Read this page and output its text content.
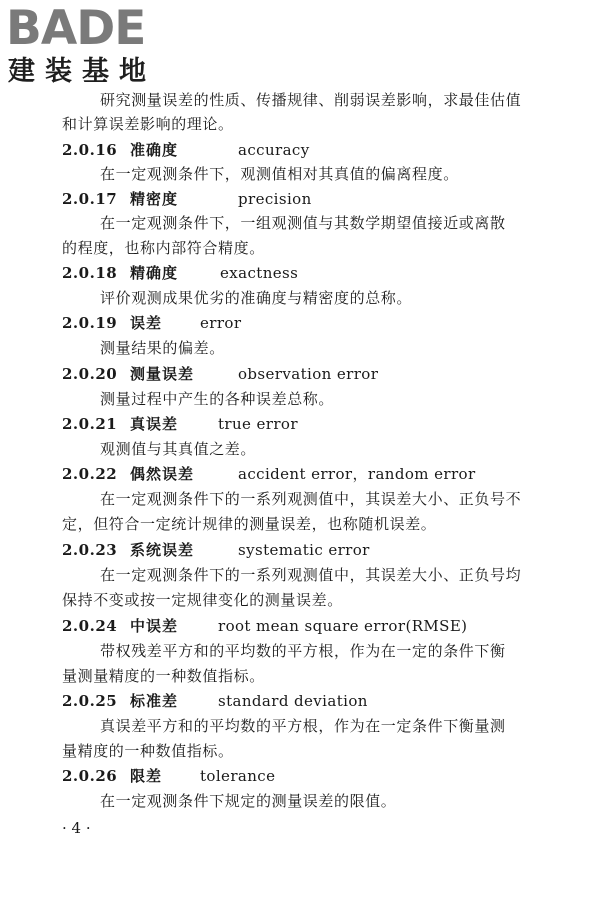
BADE
建装基地
研究测量误差的性质、传播规律、削弱误差影响，求最佳估值
和计算误差影响的理论。
2.0.16 准确度	accuracy
在一定观测条件下，观测值相对其真值的偏离程度。
2.0.17 精密度	precision
在一定观测条件下，一组观测值与其数学期望值接近或离散
的程度，也称内部符合精度。
2.0.18 精确度	exactness
评价观测成果优劣的准确度与精密度的总称。
2.0.19 误差	error
测量结果的偏差。
2.0.20 测量误差	observation error
测量过程中产生的各种误差总称。
2.0.21 真误差	true error
观测值与其真值之差。
2.0.22 偶然误差	accident error，random error
在一定观测条件下的一系列观测值中，其误差大小、正负号不
定，但符合一定统计规律的测量误差，也称随机误差。
2.0.23 系统误差	systematic error
在一定观测条件下的一系列观测值中，其误差大小、正负号均
保持不变或按一定规律变化的测量误差。
2.0.24 中误差	root mean square error(RMSE)
带权残差平方和的平均数的平方根，作为在一定的条件下衡
量测量精度的一种数值指标。
2.0.25 标准差	standard deviation
真误差平方和的平均数的平方根，作为在一定条件下衡量测
量精度的一种数值指标。
2.0.26 限差	tolerance
在一定观测条件下规定的测量误差的限值。
· 4 ·
